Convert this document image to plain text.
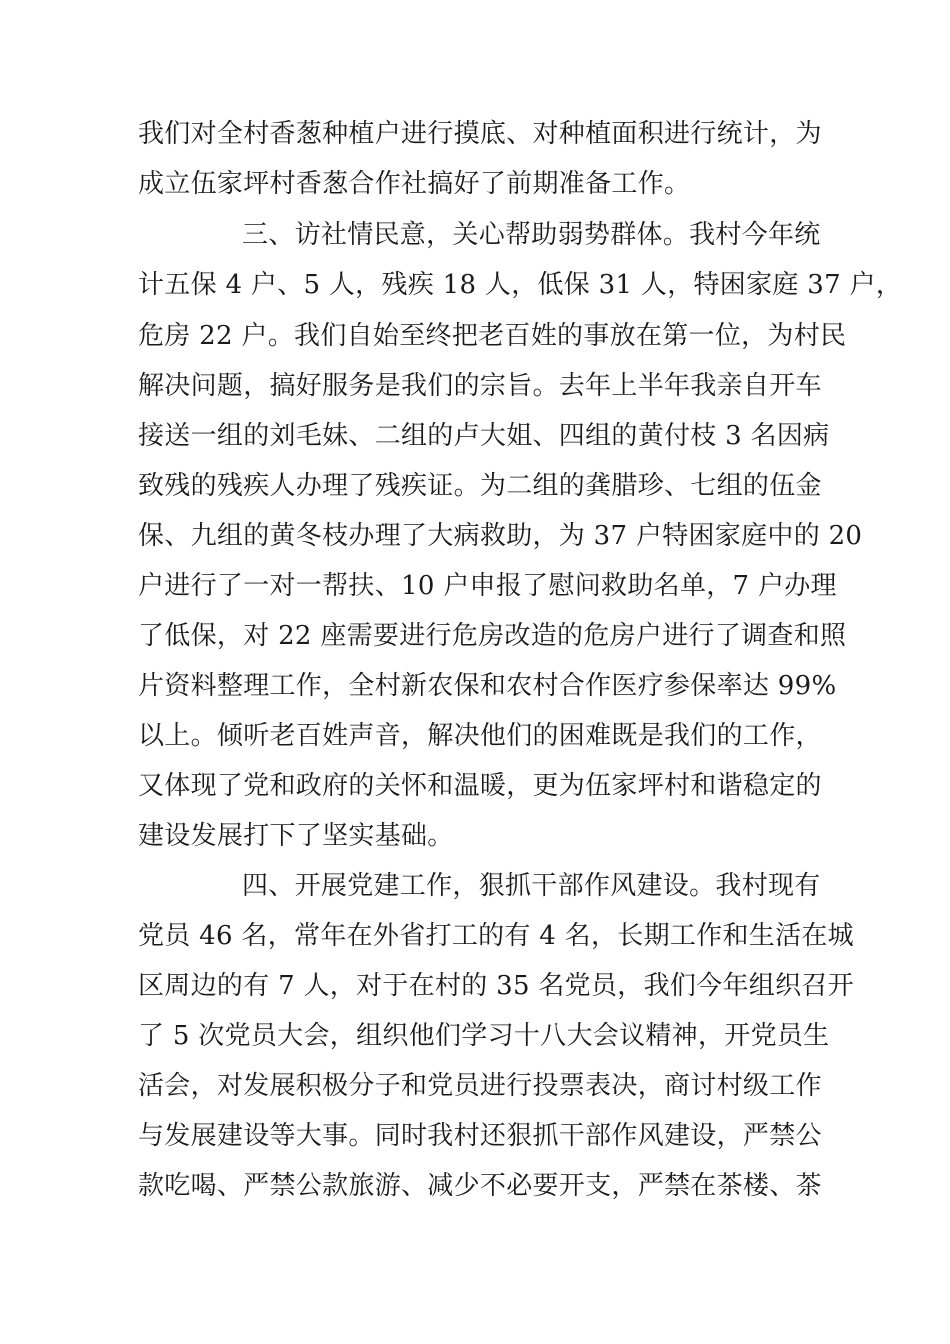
我们对全村香葱种植户进行摸底、对种植面积进行统计，为
成立伍家坪村香葱合作社搞好了前期准备工作。
三、访社情民意，关心帮助弱势群体。我村今年统
计五保 4 户、5 人，残疾 18 人，低保 31 人，特困家庭 37 户，
危房 22 户。我们自始至终把老百姓的事放在第一位，为村民
解决问题，搞好服务是我们的宗旨。去年上半年我亲自开车
接送一组的刘毛妹、二组的卢大姐、四组的黄付枝 3 名因病
致残的残疾人办理了残疾证。为二组的龚腊珍、七组的伍金
保、九组的黄冬枝办理了大病救助，为 37 户特困家庭中的 20
户进行了一对一帮扶、10 户申报了慰问救助名单，7 户办理
了低保，对 22 座需要进行危房改造的危房户进行了调查和照
片资料整理工作，全村新农保和农村合作医疗参保率达 99%
以上。倾听老百姓声音，解决他们的困难既是我们的工作，
又体现了党和政府的关怀和温暖，更为伍家坪村和谐稳定的
建设发展打下了坚实基础。
四、开展党建工作，狠抓干部作风建设。我村现有
党员 46 名，常年在外省打工的有 4 名，长期工作和生活在城
区周边的有 7 人，对于在村的 35 名党员，我们今年组织召开
了 5 次党员大会，组织他们学习十八大会议精神，开党员生
活会，对发展积极分子和党员进行投票表决，商讨村级工作
与发展建设等大事。同时我村还狠抓干部作风建设，严禁公
款吃喝、严禁公款旅游、减少不必要开支，严禁在茶楼、茶
